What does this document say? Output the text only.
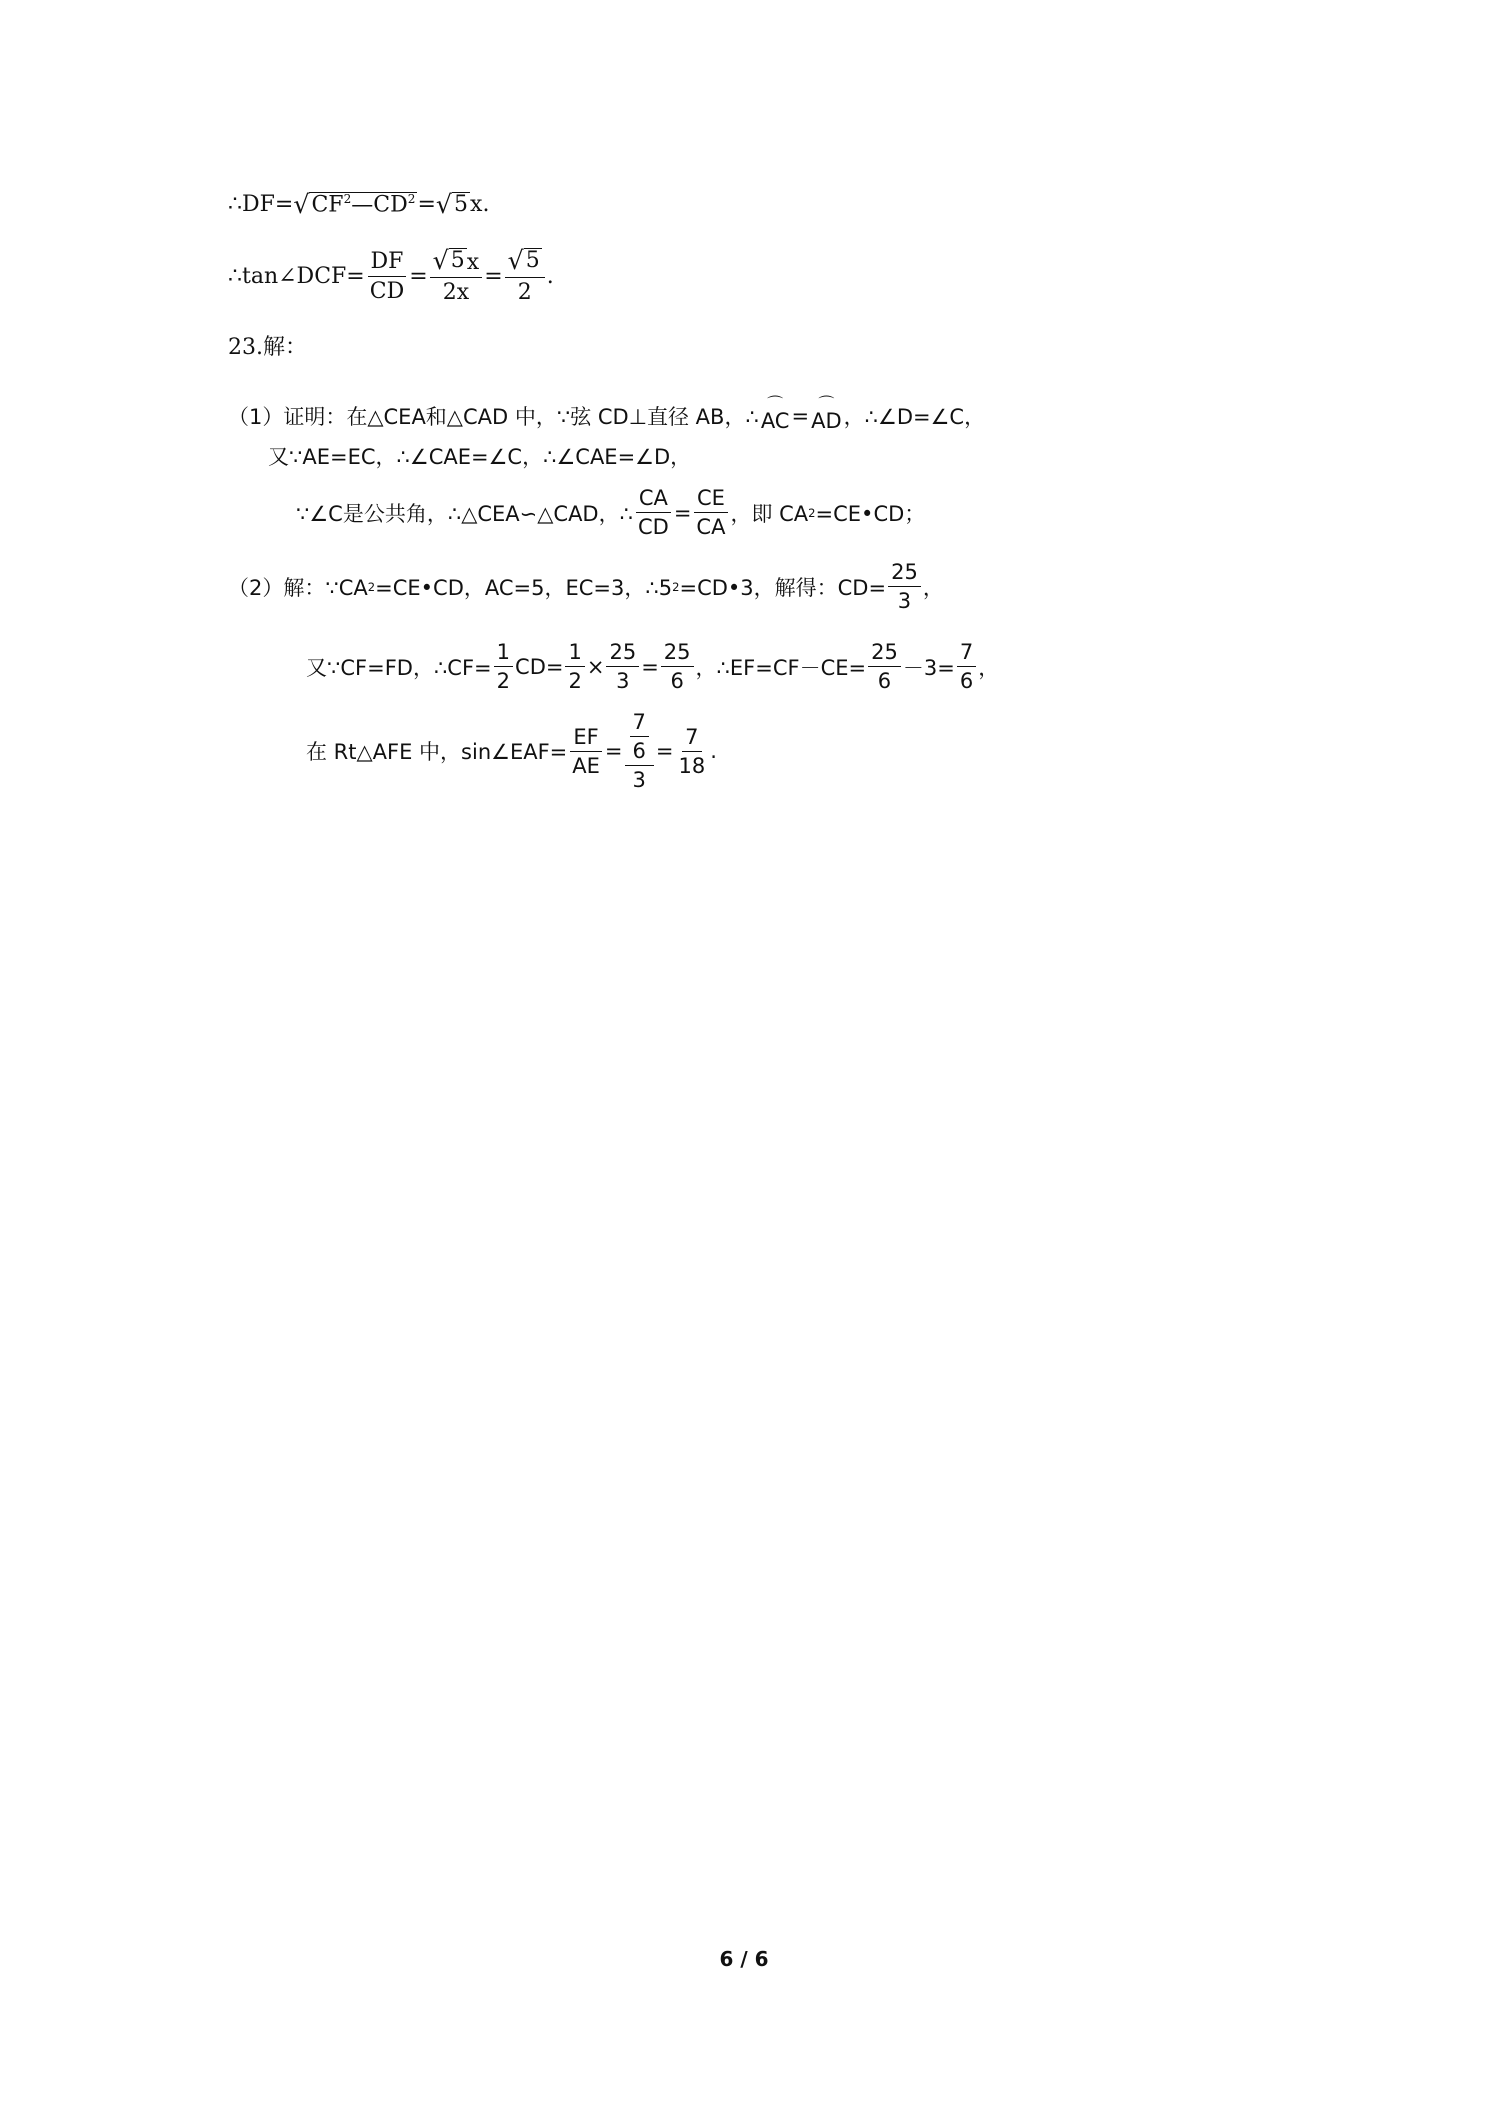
∴DF= √ $CF^2—CD^2$ = √ 5 x.
∴tan∠DCF= $\frac{DF}{CD} = \frac{√ 5 x}{2x} = \frac{√ 5}{2}$ .
23.解：
（1）证明：在△CEA和△CAD 中，∵弦 CD⊥直径 AB，∴
⌒
AC =
⌒
AD ，∴∠D=∠C，
又∵AE=EC，∴∠CAE=∠C，∴∠CAE=∠D，
∵∠C是公共角，∴△CEA∽△CAD，∴ $\frac{CA}{CD} = \frac{CE}{CA}$ ，即 CA 2 =CE•CD；
（2）解：∵CA 2 =CE•CD，AC=5，EC=3，∴5 2 =CD•3，解得：$CD= \frac{25}{3}$ ，
又∵CF=FD，∴CF= $\frac{1}{2} CD= \frac{1}{2} \times \frac{25}{3} = \frac{25}{6}$ ，∴EF=CF－CE= $\frac{25}{6} -3= \frac{7}{6}$ ，
在 Rt△AFE 中，sin∠EAF= $\frac{EF}{AE} = \frac{\frac{7}{6}}{3} = \frac{7}{18}$ .
6 / 6
